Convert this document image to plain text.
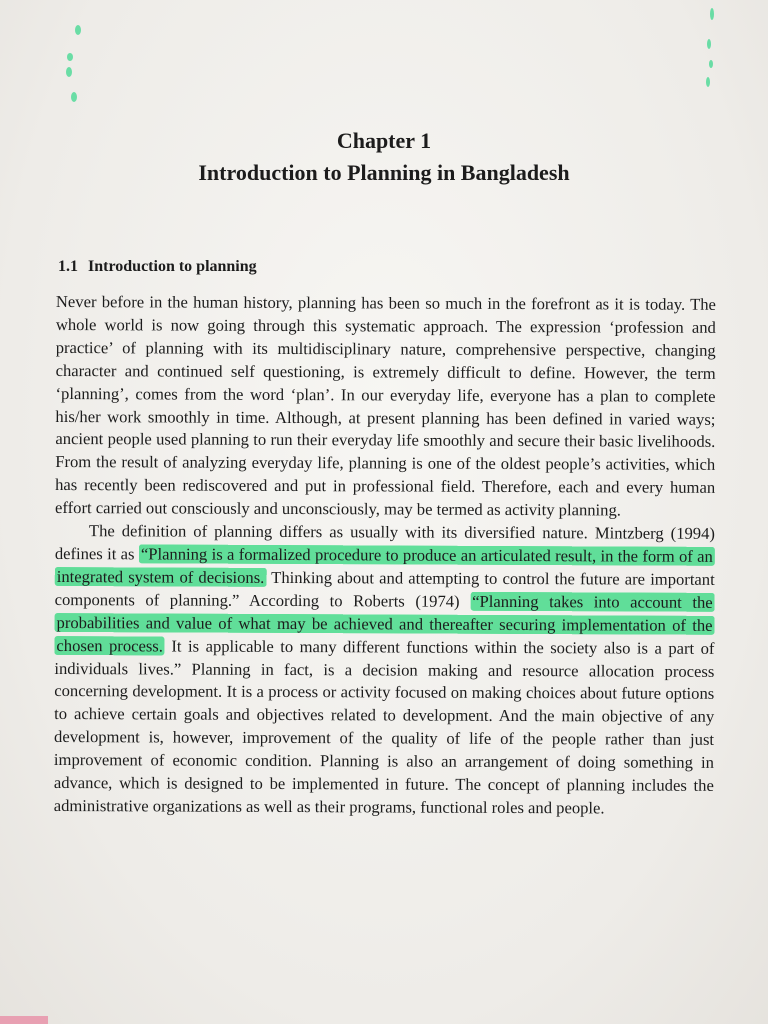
Chapter 1
Introduction to Planning in Bangladesh
1.1 Introduction to planning

Never before in the human history, planning has been so much in the forefront as it is today. The whole world is now going through this systematic approach. The expression ‘profession and practice’ of planning with its multidisciplinary nature, comprehensive perspective, changing character and continued self questioning, is extremely difficult to define. However, the term ‘planning’, comes from the word ‘plan’. In our everyday life, everyone has a plan to complete his/her work smoothly in time. Although, at present planning has been defined in varied ways; ancient people used planning to run their everyday life smoothly and secure their basic livelihoods. From the result of analyzing everyday life, planning is one of the oldest people’s activities, which has recently been rediscovered and put in professional field. Therefore, each and every human effort carried out consciously and unconsciously, may be termed as activity planning.

The definition of planning differs as usually with its diversified nature. Mintzberg (1994) defines it as “Planning is a formalized procedure to produce an articulated result, in the form of an integrated system of decisions. Thinking about and attempting to control the future are important components of planning.” According to Roberts (1974) “Planning takes into account the probabilities and value of what may be achieved and thereafter securing implementation of the chosen process. It is applicable to many different functions within the society also is a part of individuals lives.” Planning in fact, is a decision making and resource allocation process concerning development. It is a process or activity focused on making choices about future options to achieve certain goals and objectives related to development. And the main objective of any development is, however, improvement of the quality of life of the people rather than just improvement of economic condition. Planning is also an arrangement of doing something in advance, which is designed to be implemented in future. The concept of planning includes the administrative organizations as well as their programs, functional roles and people.
